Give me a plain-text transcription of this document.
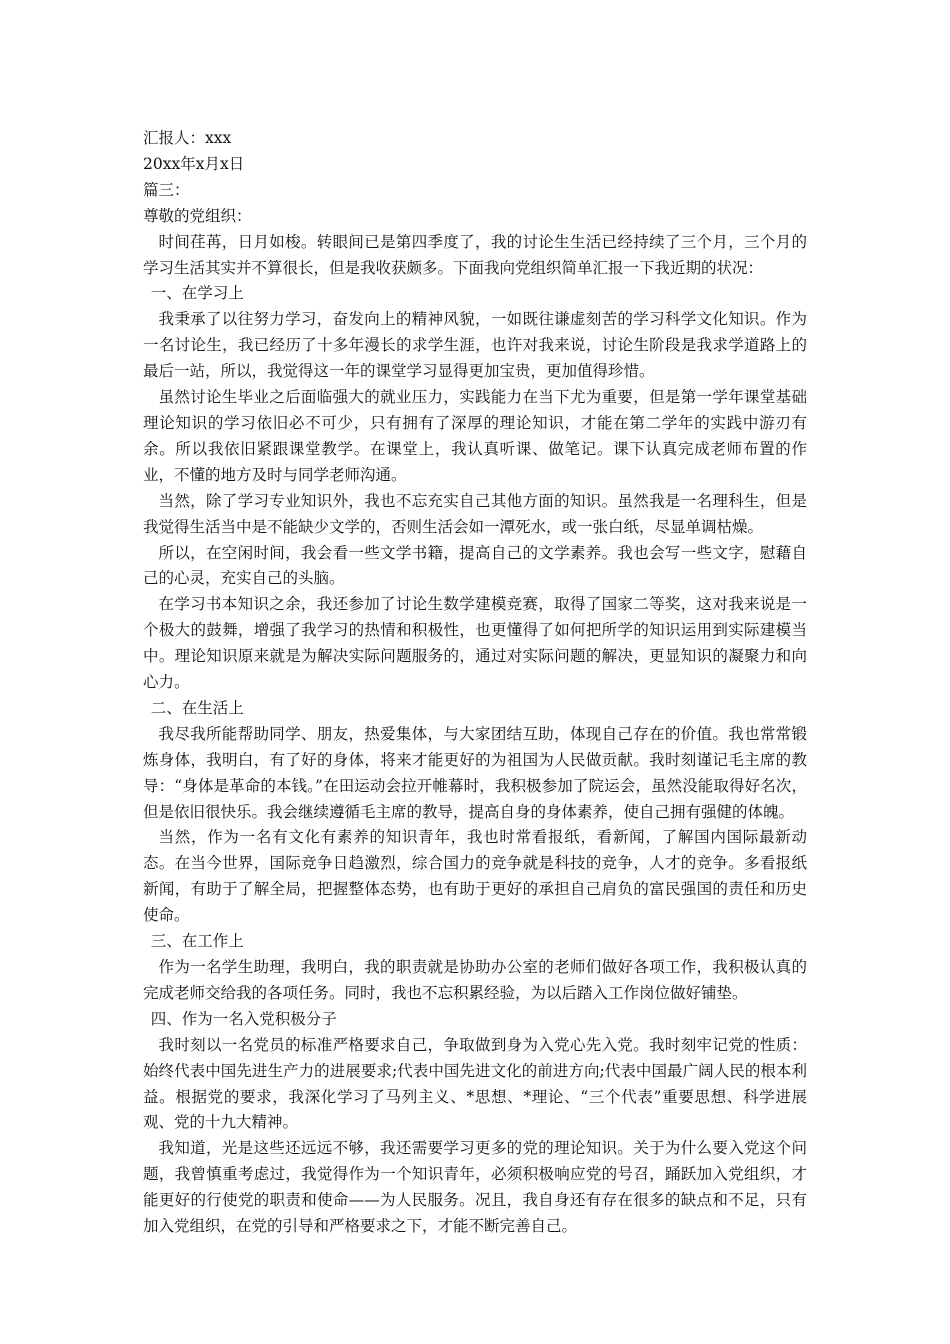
汇报人：xxx
20xx年x月x日
篇三：
尊敬的党组织：
时间荏苒，日月如梭。转眼间已是第四季度了，我的讨论生生活已经持续了三个月，三个月的学习生活其实并不算很长，但是我收获颇多。下面我向党组织简单汇报一下我近期的状况：
一、在学习上
我秉承了以往努力学习，奋发向上的精神风貌，一如既往谦虚刻苦的学习科学文化知识。作为一名讨论生，我已经历了十多年漫长的求学生涯，也许对我来说，讨论生阶段是我求学道路上的最后一站，所以，我觉得这一年的课堂学习显得更加宝贵，更加值得珍惜。
虽然讨论生毕业之后面临强大的就业压力，实践能力在当下尤为重要，但是第一学年课堂基础理论知识的学习依旧必不可少，只有拥有了深厚的理论知识，才能在第二学年的实践中游刃有余。所以我依旧紧跟课堂教学。在课堂上，我认真听课、做笔记。课下认真完成老师布置的作业，不懂的地方及时与同学老师沟通。
当然，除了学习专业知识外，我也不忘充实自己其他方面的知识。虽然我是一名理科生，但是我觉得生活当中是不能缺少文学的，否则生活会如一潭死水，或一张白纸，尽显单调枯燥。
所以，在空闲时间，我会看一些文学书籍，提高自己的文学素养。我也会写一些文字，慰藉自己的心灵，充实自己的头脑。
在学习书本知识之余，我还参加了讨论生数学建模竞赛，取得了国家二等奖，这对我来说是一个极大的鼓舞，增强了我学习的热情和积极性，也更懂得了如何把所学的知识运用到实际建模当中。理论知识原来就是为解决实际问题服务的，通过对实际问题的解决，更显知识的凝聚力和向心力。
二、在生活上
我尽我所能帮助同学、朋友，热爱集体，与大家团结互助，体现自己存在的价值。我也常常锻炼身体，我明白，有了好的身体，将来才能更好的为祖国为人民做贡献。我时刻谨记毛主席的教导：“身体是革命的本钱。”在田运动会拉开帷幕时，我积极参加了院运会，虽然没能取得好名次，但是依旧很快乐。我会继续遵循毛主席的教导，提高自身的身体素养，使自己拥有强健的体魄。
当然，作为一名有文化有素养的知识青年，我也时常看报纸，看新闻，了解国内国际最新动态。在当今世界，国际竞争日趋激烈，综合国力的竞争就是科技的竞争，人才的竞争。多看报纸新闻，有助于了解全局，把握整体态势，也有助于更好的承担自己肩负的富民强国的责任和历史使命。
三、在工作上
作为一名学生助理，我明白，我的职责就是协助办公室的老师们做好各项工作，我积极认真的完成老师交给我的各项任务。同时，我也不忘积累经验，为以后踏入工作岗位做好铺垫。
四、作为一名入党积极分子
我时刻以一名党员的标准严格要求自己，争取做到身为入党心先入党。我时刻牢记党的性质：始终代表中国先进生产力的进展要求;代表中国先进文化的前进方向;代表中国最广阔人民的根本利益。根据党的要求，我深化学习了马列主义、*思想、*理论、“三个代表”重要思想、科学进展观、党的十九大精神。
我知道，光是这些还远远不够，我还需要学习更多的党的理论知识。关于为什么要入党这个问题，我曾慎重考虑过，我觉得作为一个知识青年，必须积极响应党的号召，踊跃加入党组织，才能更好的行使党的职责和使命——为人民服务。况且，我自身还有存在很多的缺点和不足，只有加入党组织，在党的引导和严格要求之下，才能不断完善自己。
